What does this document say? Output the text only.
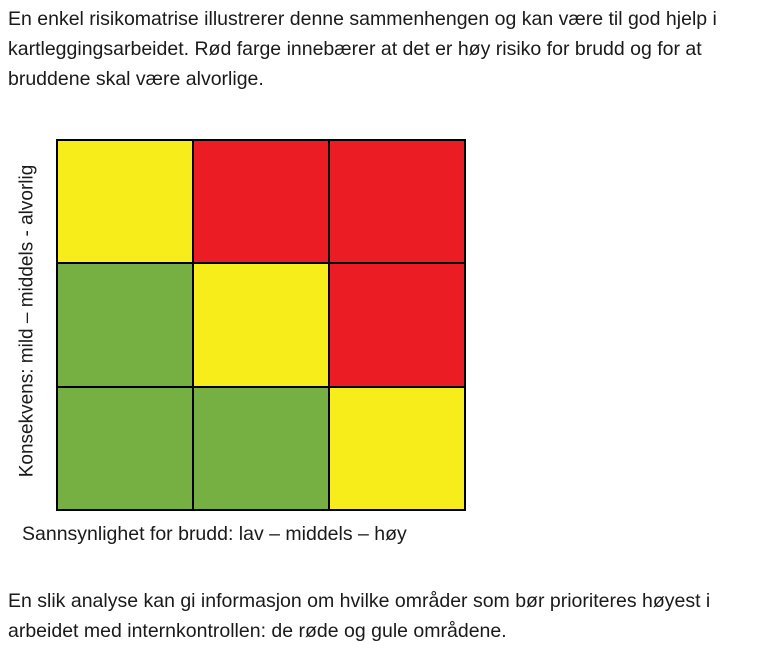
En enkel risikomatrise illustrerer denne sammenhengen og kan være til god hjelp i kartleggingsarbeidet. Rød farge innebærer at det er høy risiko for brudd og for at bruddene skal være alvorlige.

Konsekvens: mild – middels - alvorlig
Sannsynlighet for brudd: lav – middels – høy

En slik analyse kan gi informasjon om hvilke områder som bør prioriteres høyest i arbeidet med internkontrollen: de røde og gule områdene.
